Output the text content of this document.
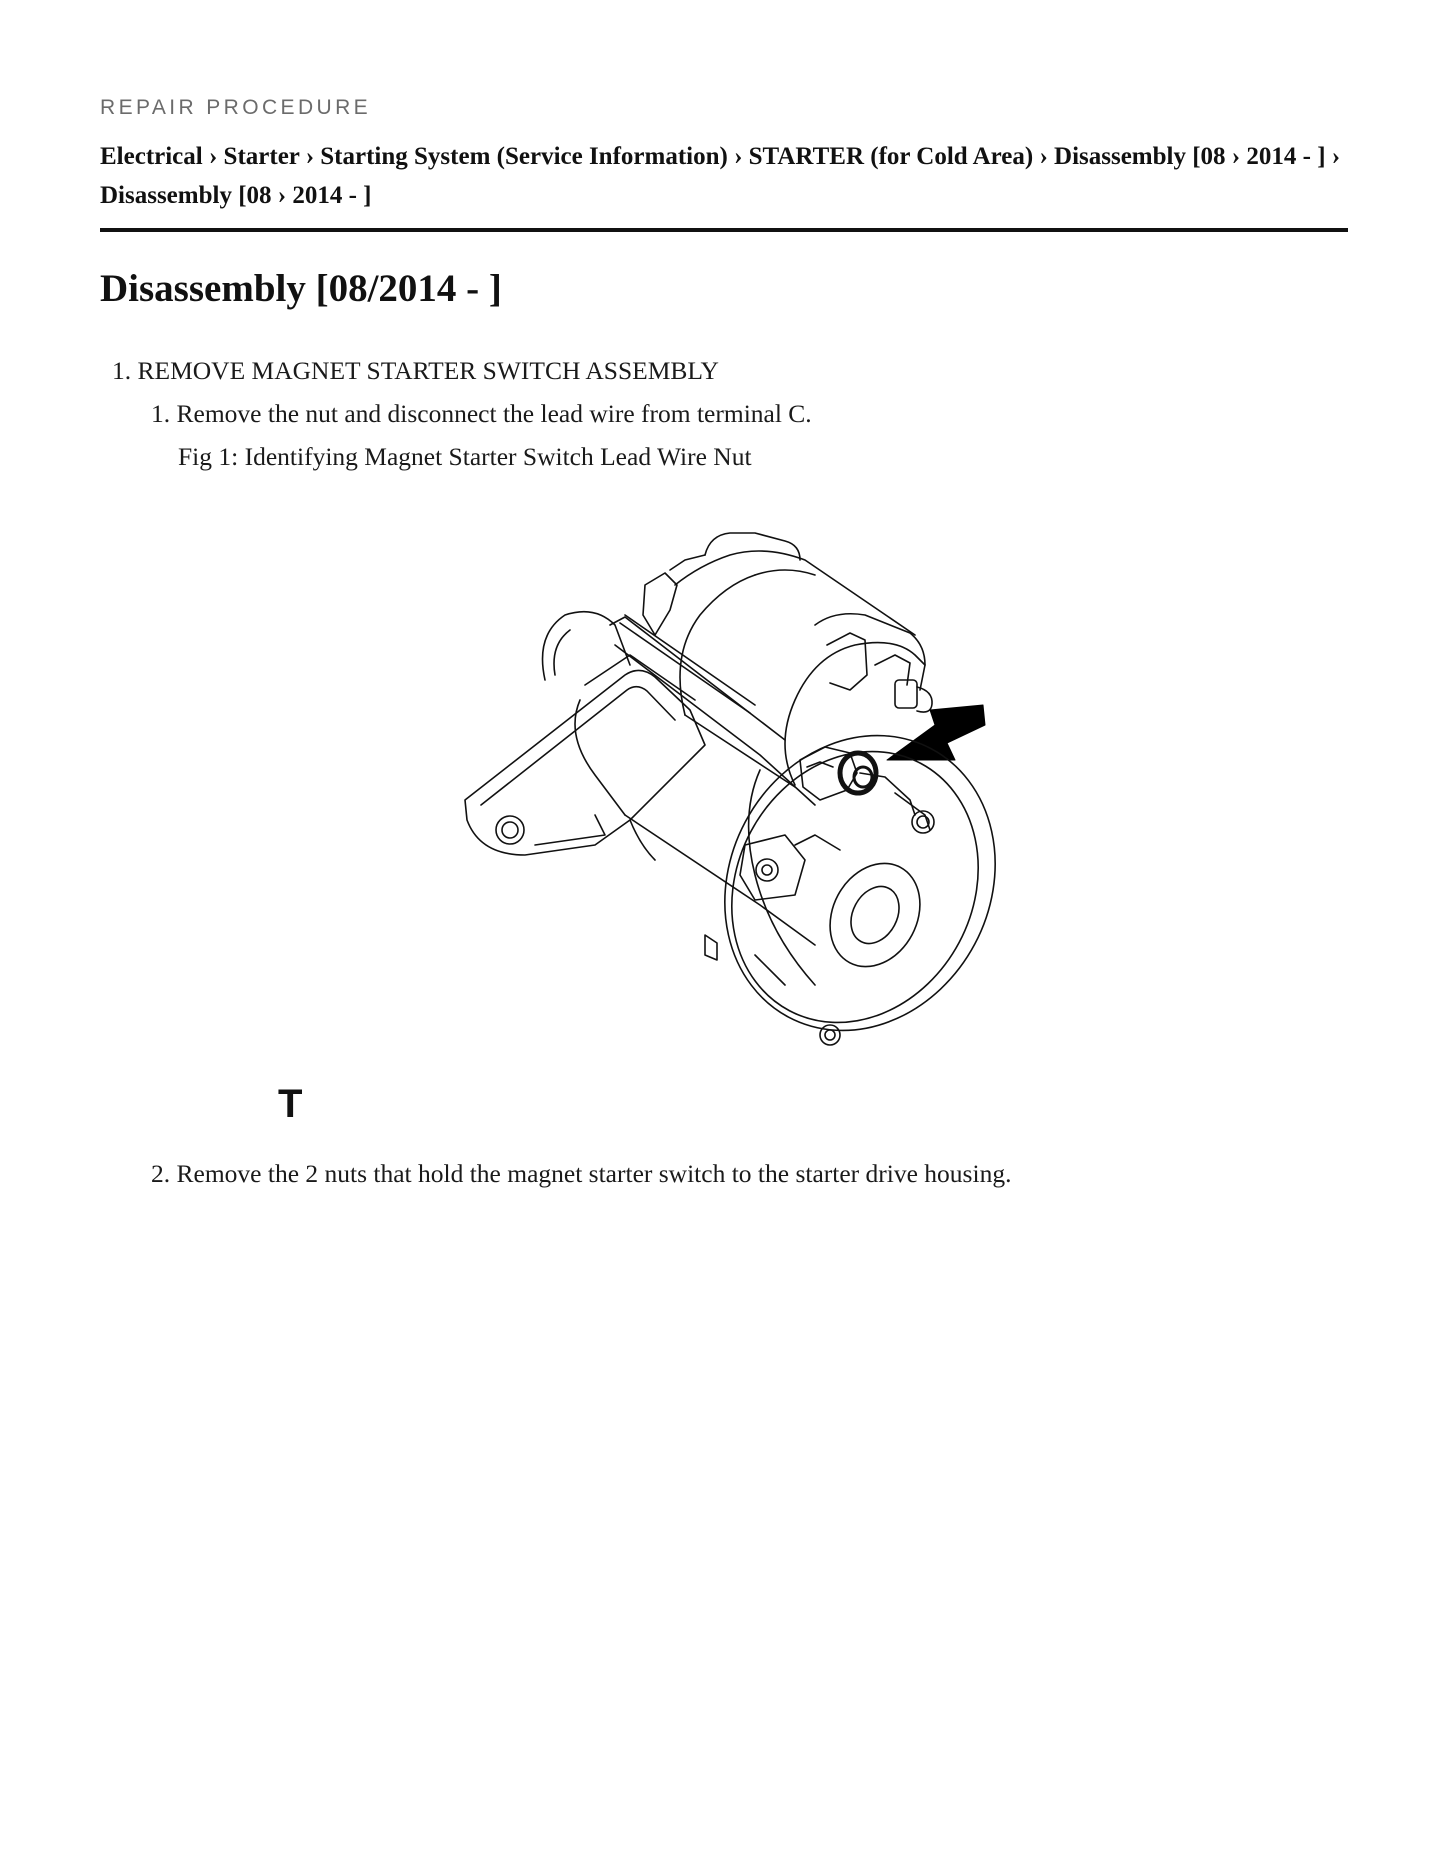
REPAIR PROCEDURE
Electrical › Starter › Starting System (Service Information) › STARTER (for Cold Area) › Disassembly [08 › 2014 - ] › Disassembly [08 › 2014 - ]
Disassembly [08/2014 - ]
1. REMOVE MAGNET STARTER SWITCH ASSEMBLY
1. Remove the nut and disconnect the lead wire from terminal C.
Fig 1: Identifying Magnet Starter Switch Lead Wire Nut
T
2. Remove the 2 nuts that hold the magnet starter switch to the starter drive housing.
